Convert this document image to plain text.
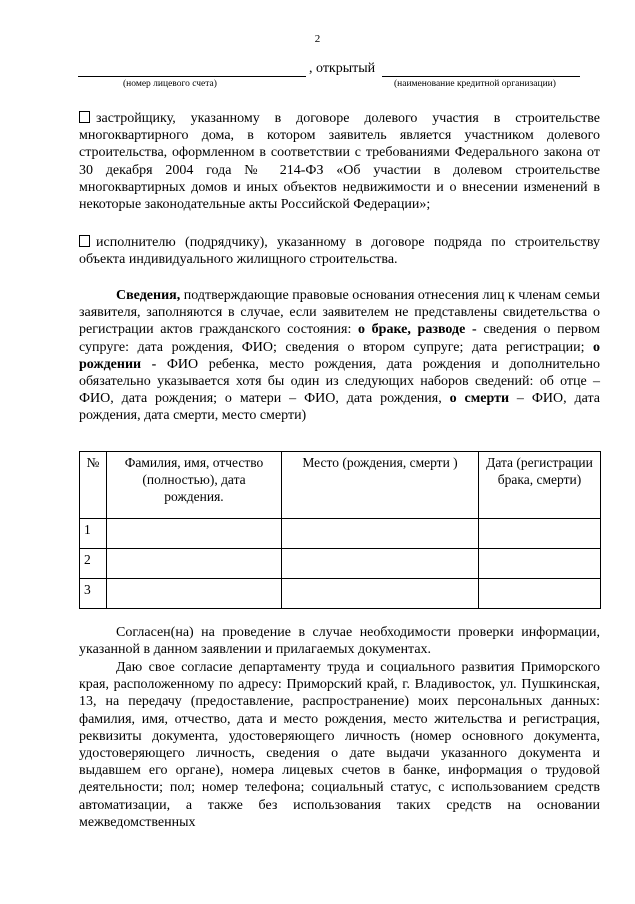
2
, открытый
(номер лицевого счета)	(наименование кредитной организации)
застройщику, указанному в договоре долевого участия в строительстве многоквартирного дома, в котором заявитель является участником долевого строительства, оформленном в соответствии с требованиями Федерального закона от 30 декабря 2004 года № 214-ФЗ «Об участии в долевом строительстве многоквартирных домов и иных объектов недвижимости и о внесении изменений в некоторые законодательные акты Российской Федерации»;
исполнителю (подрядчику), указанному в договоре подряда по строительству объекта индивидуального жилищного строительства.
Сведения, подтверждающие правовые основания отнесения лиц к членам семьи заявителя, заполняются в случае, если заявителем не представлены свидетельства о регистрации актов гражданского состояния: о браке, разводе - сведения о первом супруге: дата рождения, ФИО; сведения о втором супруге; дата регистрации; о рождении - ФИО ребенка, место рождения, дата рождения и дополнительно обязательно указывается хотя бы один из следующих наборов сведений: об отце – ФИО, дата рождения; о матери – ФИО, дата рождения, о смерти – ФИО, дата рождения, дата смерти, место смерти)
№	Фамилия, имя, отчество (полностью), дата рождения.	Место (рождения, смерти )	Дата (регистрации брака, смерти)
1			
2			
3			
Согласен(на) на проведение в случае необходимости проверки информации, указанной в данном заявлении и прилагаемых документах.
Даю свое согласие департаменту труда и социального развития Приморского края, расположенному по адресу: Приморский край, г. Владивосток, ул. Пушкинская, 13, на передачу (предоставление, распространение) моих персональных данных: фамилия, имя, отчество, дата и место рождения, место жительства и регистрация, реквизиты документа, удостоверяющего личность (номер основного документа, удостоверяющего личность, сведения о дате выдачи указанного документа и выдавшем его органе), номера лицевых счетов в банке, информация о трудовой деятельности; пол; номер телефона; социальный статус, с использованием средств автоматизации, а также без использования таких средств на основании межведомственных
